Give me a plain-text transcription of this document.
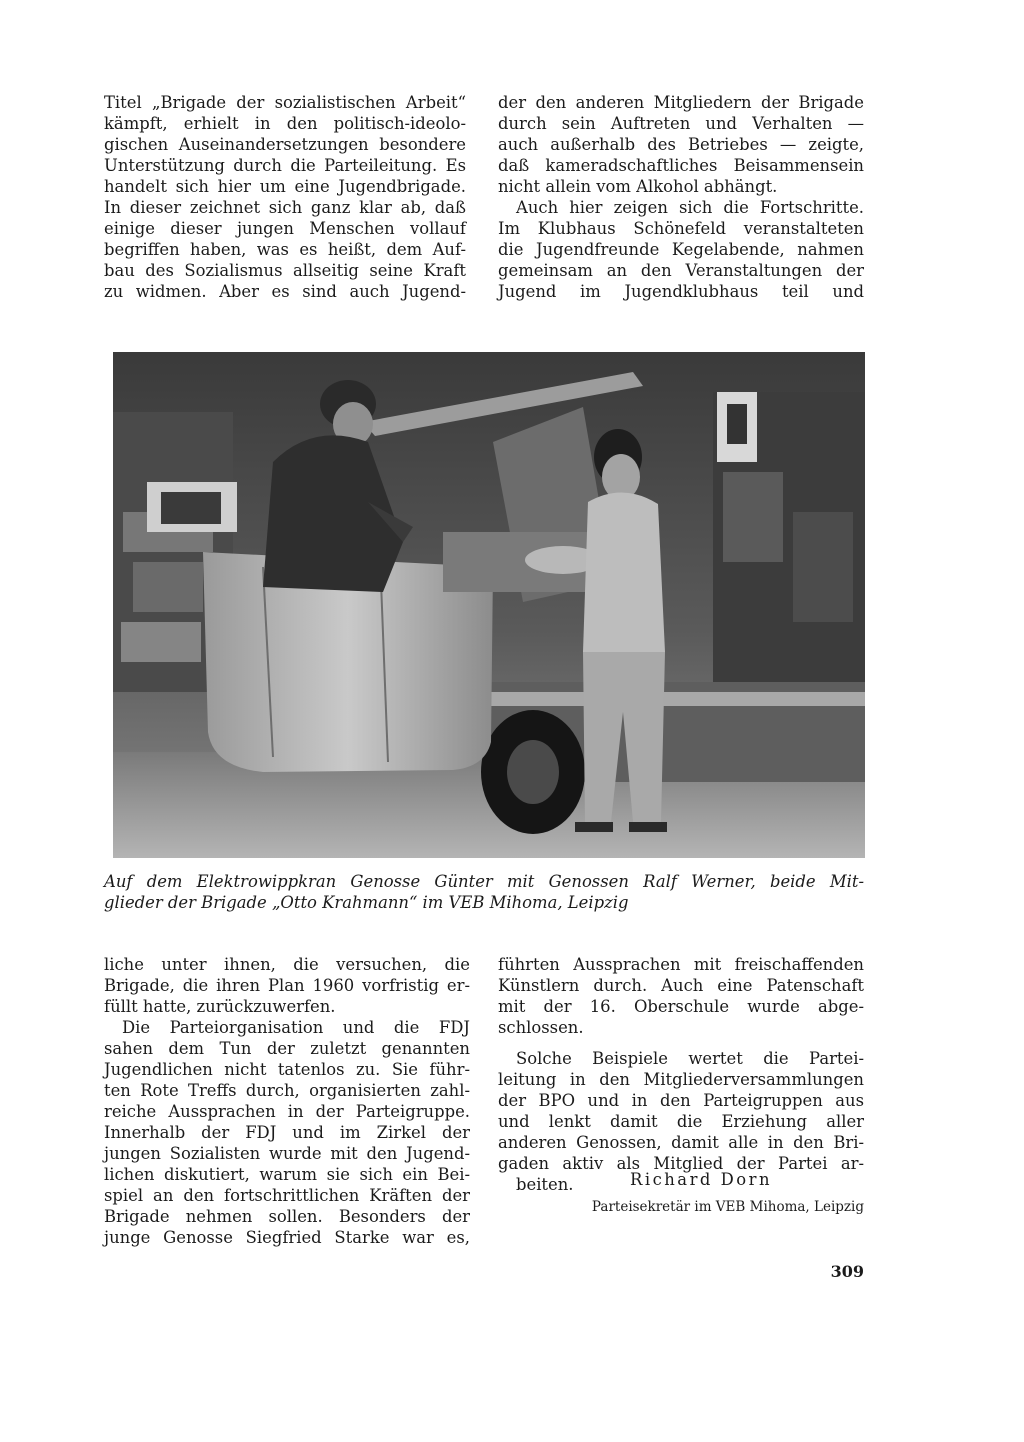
Titel „Brigade der sozialistischen Arbeit“

kämpft, erhielt in den politisch-ideolo-

gischen Auseinandersetzungen besondere

Unterstützung durch die Parteileitung. Es

handelt sich hier um eine Jugendbrigade.

In dieser zeichnet sich ganz klar ab, daß

einige dieser jungen Menschen vollauf

begriffen haben, was es heißt, dem Auf-

bau des Sozialismus allseitig seine Kraft

zu widmen. Aber es sind auch Jugend-

der den anderen Mitgliedern der Brigade

durch sein Auftreten und Verhalten —

auch außerhalb des Betriebes — zeigte,

daß kameradschaftliches Beisammensein

nicht allein vom Alkohol abhängt.

Auch hier zeigen sich die Fortschritte.

Im Klubhaus Schönefeld veranstalteten

die Jugendfreunde Kegelabende, nahmen

gemeinsam an den Veranstaltungen der

Jugend im Jugendklubhaus teil und

Auf dem Elektrowippkran Genosse Günter mit Genossen Ralf Werner, beide Mit-

glieder der Brigade „Otto Krahmann“ im VEB Mihoma, Leipzig

liche unter ihnen, die versuchen, die

Brigade, die ihren Plan 1960 vorfristig er-

füllt hatte, zurückzuwerfen.

Die Parteiorganisation und die FDJ

sahen dem Tun der zuletzt genannten

Jugendlichen nicht tatenlos zu. Sie führ-

ten Rote Treffs durch, organisierten zahl-

reiche Aussprachen in der Parteigruppe.

Innerhalb der FDJ und im Zirkel der

jungen Sozialisten wurde mit den Jugend-

lichen diskutiert, warum sie sich ein Bei-

spiel an den fortschrittlichen Kräften der

Brigade nehmen sollen. Besonders der

junge Genosse Siegfried Starke war es,

führten Aussprachen mit freischaffenden

Künstlern durch. Auch eine Patenschaft

mit der 16. Oberschule wurde abge-

schlossen.

Solche Beispiele wertet die Partei-

leitung in den Mitgliederversammlungen

der BPO und in den Parteigruppen aus

und lenkt damit die Erziehung aller

anderen Genossen, damit alle in den Bri-

gaden aktiv als Mitglied der Partei ar-

beiten.	Richard Dorn
Parteisekretär im VEB Mihoma, Leipzig
309
